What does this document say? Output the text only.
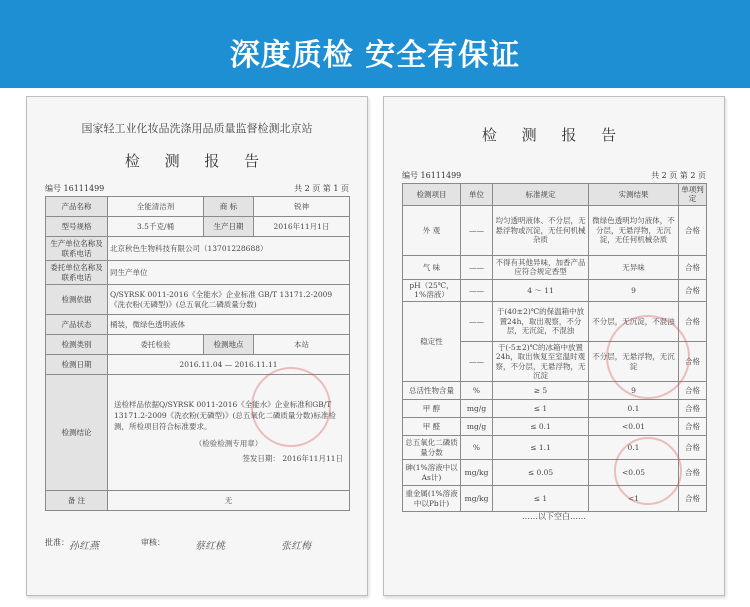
深度质检 安全有保证
国家轻工业化妆品洗涤用品质量监督检测北京站
检 测 报 告
编号 16111499	共 2 页 第 1 页
产品名称	全能清洁剂	商 标	锐神
型号规格	3.5千克/桶	生产日期	2016年11月1日
生产单位名称及联系电话	北京秋色生物科技有限公司（13701228688）		
委托单位名称及联系电话	同生产单位		
检测依据	Q/SYRSK 0011-2016《全能水》企业标准 GB/T 13171.2-2009《洗衣粉(无磷型)》(总五氧化二磷质量分数)		
产品状态	桶装，微绿色透明液体		
检测类别	委托检验	检测地点	本站
检测日期	2016.11.04 — 2016.11.11		
检测结论	送检样品依据Q/SYRSK 0011-2016《全能水》企业标准和GB/T 13171.2-2009《洗衣粉(无磷型)》(总五氧化二磷质量分数)标准检测，所检项目符合标准要求。
（检验检测专用章）
签发日期： 2016年11月11日		

备 注	无		
批准： 孙红燕	审核：	蔡红桃	张红梅
检 测 报 告
编号 16111499	共 2 页 第 2 页
检测项目	单位	标准规定	实测结果	单项判定
外 观	——	均匀透明液体、不分层，无悬浮物或沉淀，无任何机械杂质	微绿色透明均匀液体，不分层，无悬浮物，无沉淀，无任何机械杂质	合格
气 味	——	不得有其他异味，加香产品应符合规定香型	无异味	合格
pH（25℃，1%溶液）	——	4 ～ 11	9	合格
稳定性	——	于(40±2)℃的保温箱中放置24h，取出观察，不分层，无沉淀，不混浊	不分层，无沉淀，不混浊	合格
	——	于(-5±2)℃的冰箱中放置24h，取出恢复至室温时观察，不分层，无悬浮物，无沉淀	不分层，无悬浮物，无沉淀	合格
总活性物含量	%	≥ 5	9	合格
甲 醇	mg/g	≤ 1	0.1	合格
甲 醛	mg/g	≤ 0.1	<0.01	合格
总五氧化二磷质量分数	%	≤ 1.1	0.1	合格
砷(1%溶液中以As计)	mg/kg	≤ 0.05	<0.05	合格
重金属(1%溶液中以Pb计)	mg/kg	≤ 1	<1	合格
……以下空白……
